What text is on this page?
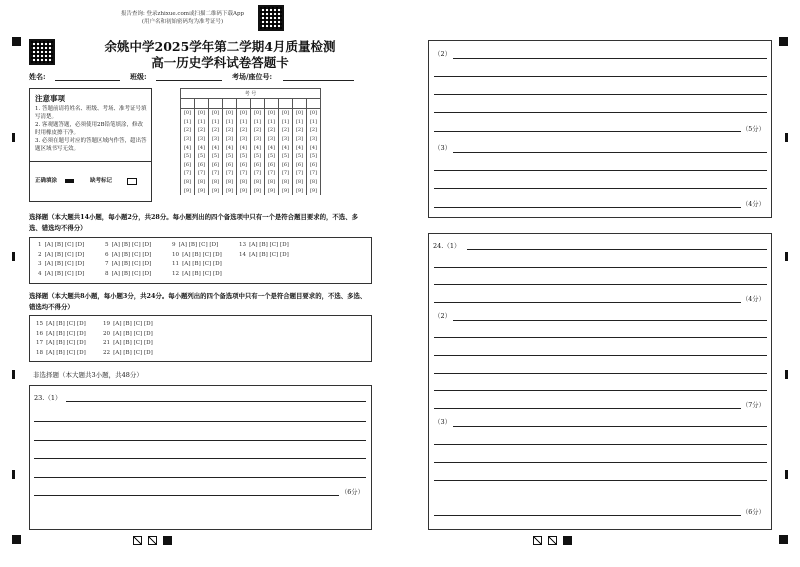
报告查询: 登录zhixue.com或扫描二维码下载App
(用户名和初始密码均为准考证号)
余姚中学2025学年第二学期4月质量检测
高一历史学科试卷答题卡
姓名:	班级:	考场/座位号:
注意事项
1. 答题前请将姓名、班级、考场、准考证号填写清楚。
2. 客观题答题，必须使用2B铅笔填涂，修改时用橡皮擦干净。
3. 必须在题号对应的答题区域内作答，超出答题区域书写无效。
正确填涂	缺考标记
考 号									

[0]	[0]	[0]	[0]	[0]	[0]	[0]	[0]	[0]	[0]
[1]	[1]	[1]	[1]	[1]	[1]	[1]	[1]	[1]	[1]
[2]	[2]	[2]	[2]	[2]	[2]	[2]	[2]	[2]	[2]
[3]	[3]	[3]	[3]	[3]	[3]	[3]	[3]	[3]	[3]
[4]	[4]	[4]	[4]	[4]	[4]	[4]	[4]	[4]	[4]
[5]	[5]	[5]	[5]	[5]	[5]	[5]	[5]	[5]	[5]
[6]	[6]	[6]	[6]	[6]	[6]	[6]	[6]	[6]	[6]
[7]	[7]	[7]	[7]	[7]	[7]	[7]	[7]	[7]	[7]
[8]	[8]	[8]	[8]	[8]	[8]	[8]	[8]	[8]	[8]
[9]	[9]	[9]	[9]	[9]	[9]	[9]	[9]	[9]	[9]
选择题（本大题共14小题，每小题2分，共28分。每小题列出的四个备选项中只有一个是符合题目要求的，不选、多选、错选均不得分）
1 [A] [B] [C] [D]
2 [A] [B] [C] [D]
3 [A] [B] [C] [D]
4 [A] [B] [C] [D]
5 [A] [B] [C] [D]
6 [A] [B] [C] [D]
7 [A] [B] [C] [D]
8 [A] [B] [C] [D]
9 [A] [B] [C] [D]
10 [A] [B] [C] [D]
11 [A] [B] [C] [D]
12 [A] [B] [C] [D]
13 [A] [B] [C] [D]
14 [A] [B] [C] [D]
选择题（本大题共8小题，每小题3分，共24分。每小题列出的四个备选项中只有一个是符合题目要求的，不选、多选、错选均不得分）
15 [A] [B] [C] [D]
16 [A] [B] [C] [D]
17 [A] [B] [C] [D]
18 [A] [B] [C] [D]
19 [A] [B] [C] [D]
20 [A] [B] [C] [D]
21 [A] [B] [C] [D]
22 [A] [B] [C] [D]
非选择题（本大题共3小题，共48分）
23.（1）
（6分）
（2）
（5分）
（3）
（4分）
24.（1）
（4分）
（2）
（7分）
（3）
（6分）
